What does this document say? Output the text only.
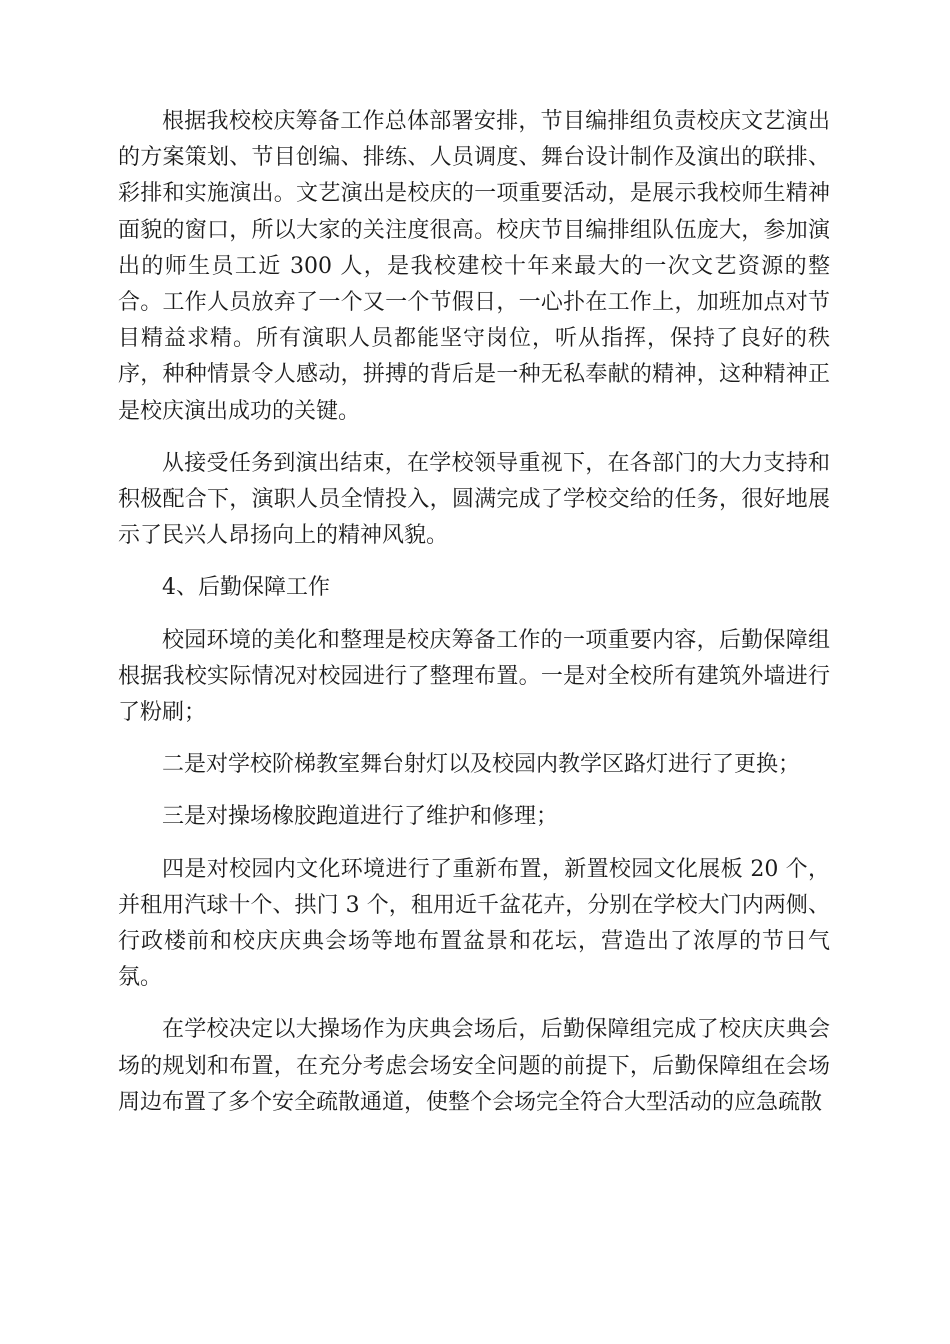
根据我校校庆筹备工作总体部署安排，节目编排组负责校庆文艺演出的方案策划、节目创编、排练、人员调度、舞台设计制作及演出的联排、彩排和实施演出。文艺演出是校庆的一项重要活动，是展示我校师生精神面貌的窗口，所以大家的关注度很高。校庆节目编排组队伍庞大，参加演出的师生员工近 300 人，是我校建校十年来最大的一次文艺资源的整合。工作人员放弃了一个又一个节假日，一心扑在工作上，加班加点对节目精益求精。所有演职人员都能坚守岗位，听从指挥，保持了良好的秩序，种种情景令人感动，拼搏的背后是一种无私奉献的精神，这种精神正是校庆演出成功的关键。

从接受任务到演出结束，在学校领导重视下，在各部门的大力支持和积极配合下，演职人员全情投入，圆满完成了学校交给的任务，很好地展示了民兴人昂扬向上的精神风貌。

4、后勤保障工作

校园环境的美化和整理是校庆筹备工作的一项重要内容，后勤保障组根据我校实际情况对校园进行了整理布置。一是对全校所有建筑外墙进行了粉刷；

二是对学校阶梯教室舞台射灯以及校园内教学区路灯进行了更换；

三是对操场橡胶跑道进行了维护和修理；

四是对校园内文化环境进行了重新布置，新置校园文化展板 20 个，并租用汽球十个、拱门 3 个，租用近千盆花卉，分别在学校大门内两侧、行政楼前和校庆庆典会场等地布置盆景和花坛，营造出了浓厚的节日气氛。

在学校决定以大操场作为庆典会场后，后勤保障组完成了校庆庆典会场的规划和布置，在充分考虑会场安全问题的前提下，后勤保障组在会场周边布置了多个安全疏散通道，使整个会场完全符合大型活动的应急疏散
